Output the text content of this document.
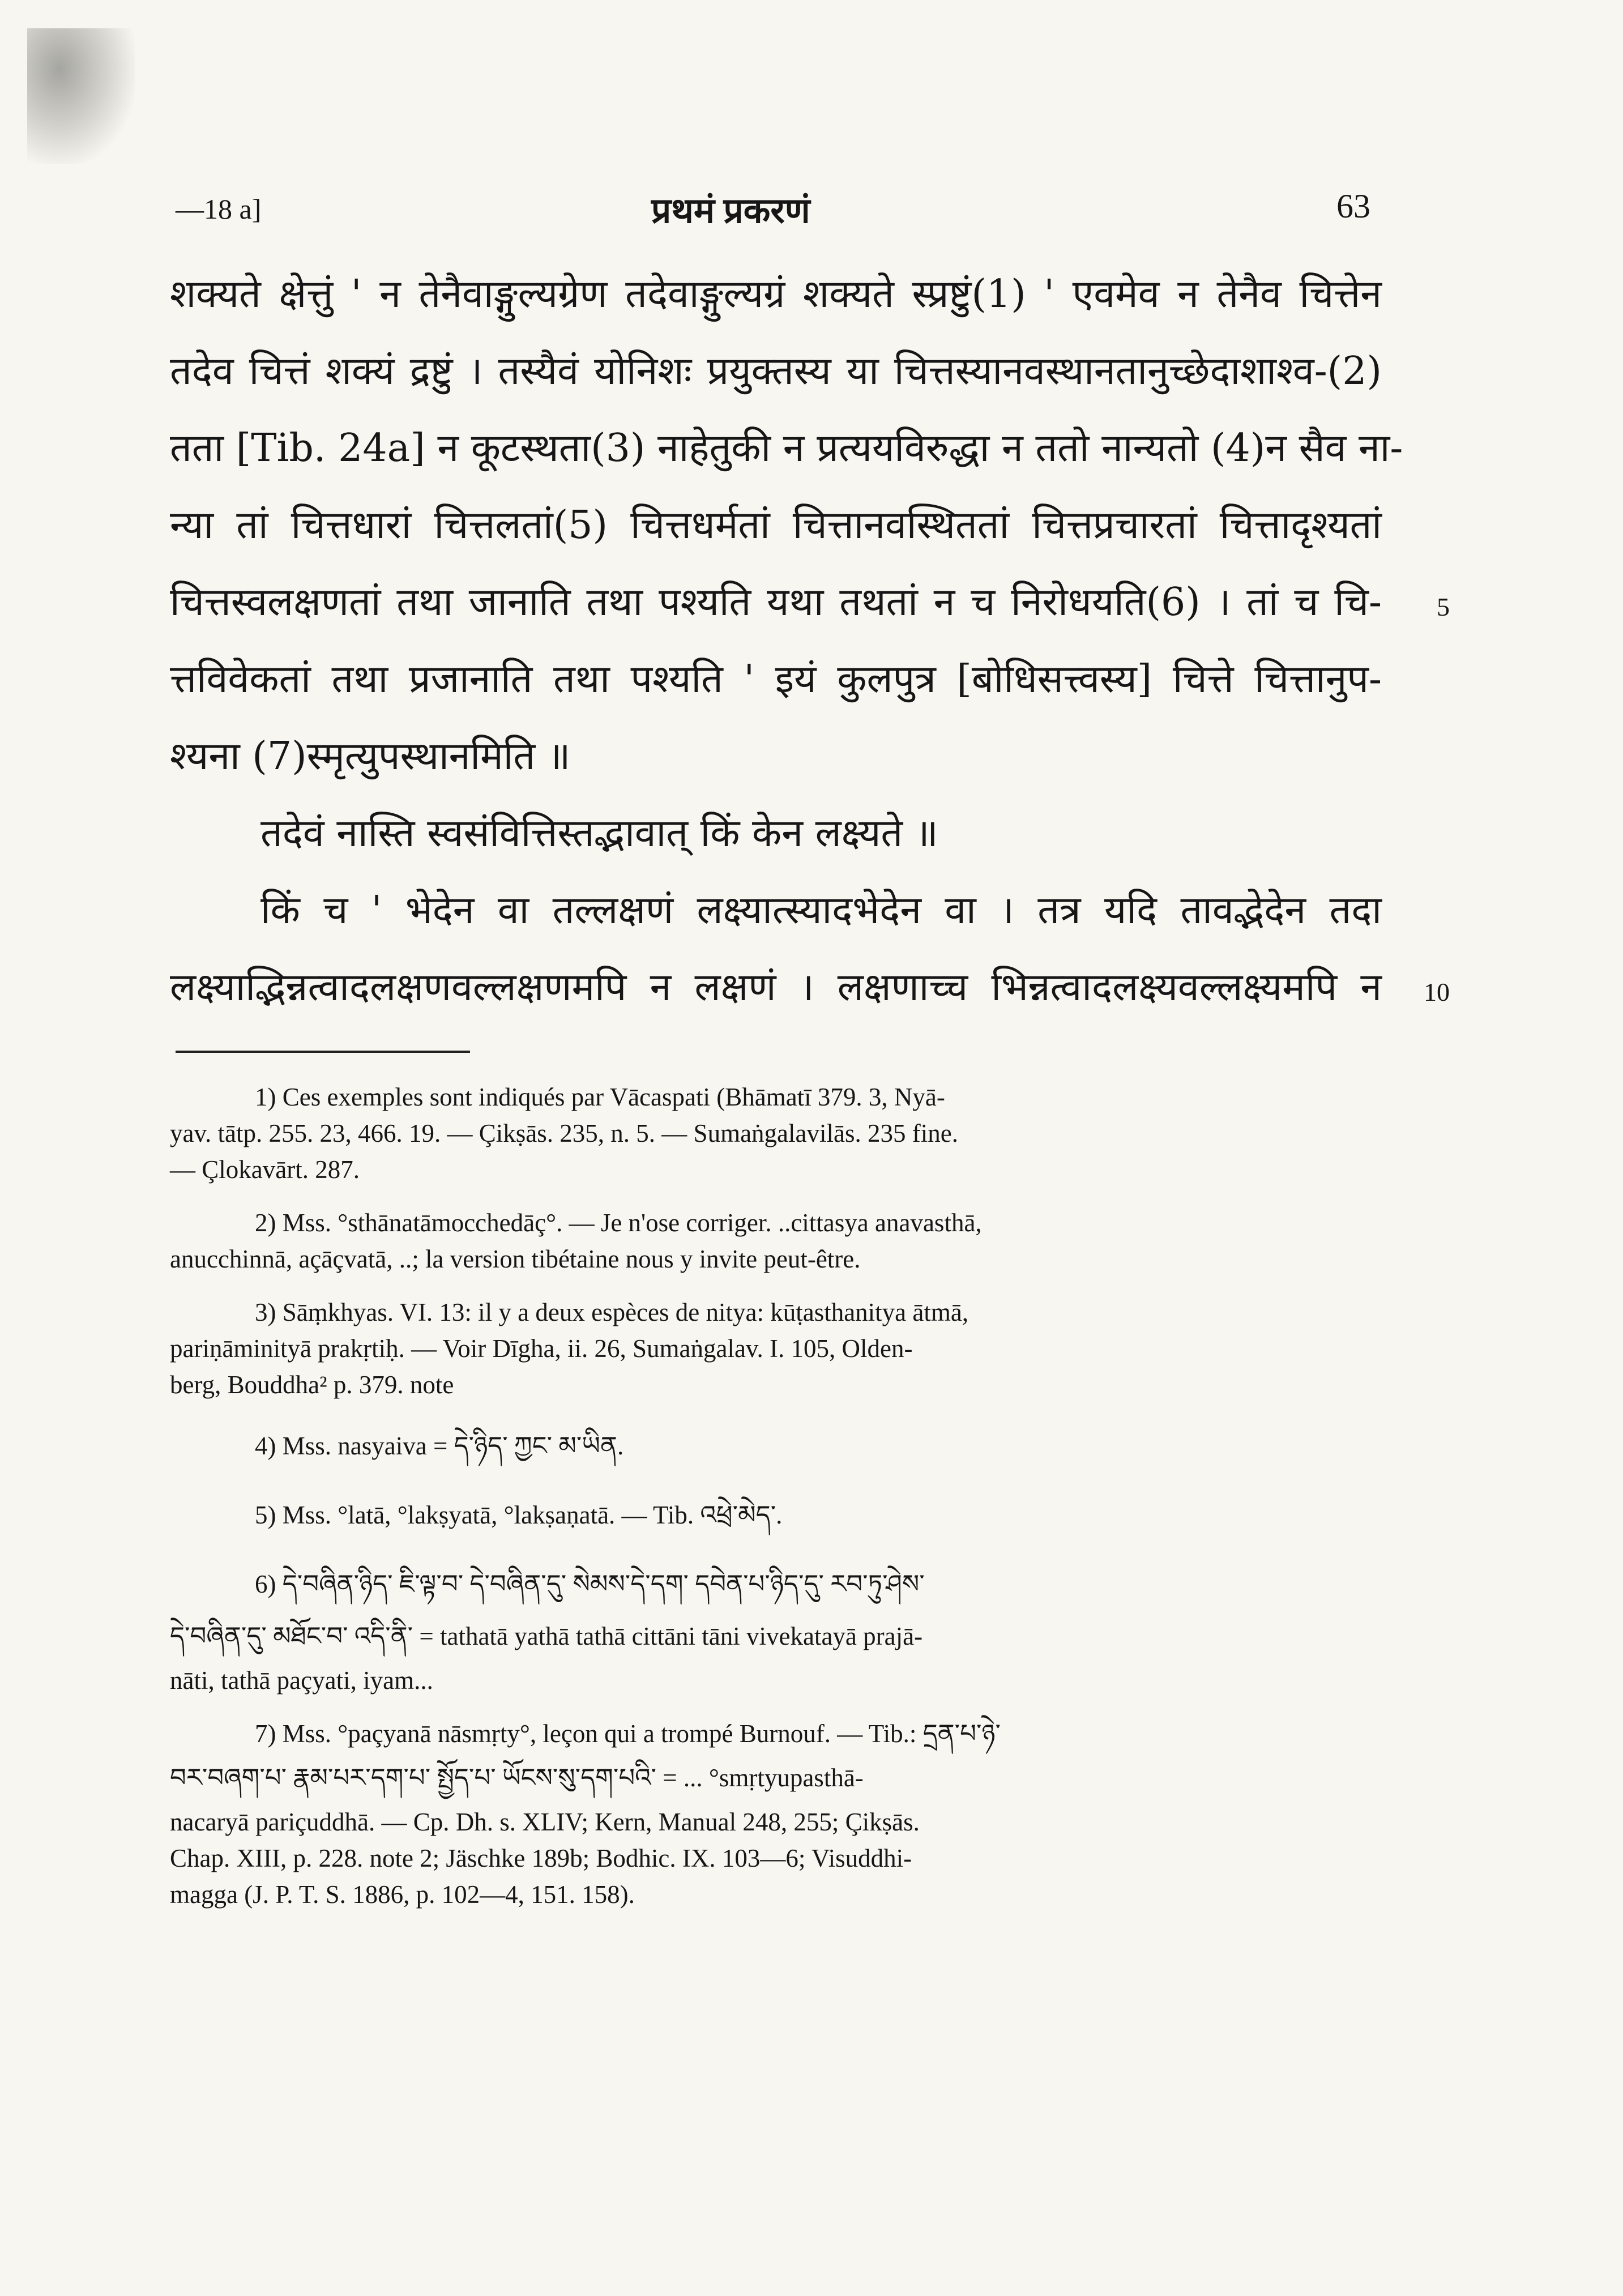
—18 a]	प्रथमं प्रकरणं	63
शक्यते क्षेत्तुं ' न तेनैवाङ्गुल्यग्रेण तदेवाङ्गुल्यग्रं शक्यते स्प्रष्टुं(1) ' एवमेव न तेनैव चित्तेन
तदेव चित्तं शक्यं द्रष्टुं । तस्यैवं योनिशः प्रयुक्तस्य या चित्तस्यानवस्थानतानुच्छेदाशाश्व-(2)
तता [Tib. 24a] न कूटस्थता(3) नाहेतुकी न प्रत्ययविरुद्धा न ततो नान्यतो (4)न सैव ना-
न्या तां चित्तधारां चित्तलतां(5) चित्तधर्मतां चित्तानवस्थिततां चित्तप्रचारतां चित्तादृश्यतां
चित्तस्वलक्षणतां तथा जानाति तथा पश्यति यथा तथतां न च निरोधयति(6) । तां च चि- 5
त्तविवेकतां तथा प्रजानाति तथा पश्यति ' इयं कुलपुत्र [बोधिसत्त्वस्य] चित्ते चित्तानुप-
श्यना (7)स्मृत्युपस्थानमिति ॥
तदेवं नास्ति स्वसंवित्तिस्तद्भावात् किं केन लक्ष्यते ॥
किं च ' भेदेन वा तल्लक्षणं लक्ष्यात्स्यादभेदेन वा । तत्र यदि तावद्भेदेन तदा
लक्ष्याद्भिन्नत्वादलक्षणवल्लक्षणमपि न लक्षणं । लक्षणाच्च भिन्नत्वादलक्ष्यवल्लक्ष्यमपि न 10

1) Ces exemples sont indiqués par Vācaspati (Bhāmatī 379. 3, Nyā-

yav. tātp. 255. 23, 466. 19. — Çikṣās. 235, n. 5. — Sumaṅgalavilās. 235 fine.

— Çlokavārt. 287.

2) Mss. °sthānatāmocchedāç°. — Je n'ose corriger. ..cittasya anavasthā,

anucchinnā, açāçvatā, ..; la version tibétaine nous y invite peut-être.

3) Sāṃkhyas. VI. 13: il y a deux espèces de nitya: kūṭasthanitya ātmā,

pariṇāminityā prakṛtiḥ. — Voir Dīgha, ii. 26, Sumaṅgalav. I. 105, Olden-

berg, Bouddha² p. 379. note

4) Mss. nasyaiva = དེ་ཉིད་ ཀྱང་ མ་ཡིན.

5) Mss. °latā, °lakṣyatā, °lakṣaṇatā. — Tib. འཕྲེ་མེད་.

6) དེ་བཞིན་ཉིད་ ཇི་ལྟ་བ་ དེ་བཞིན་དུ་ སེམས་དེ་དག་ དབེན་པ་ཉིད་དུ་ རབ་ཏུ་ཤེས་

དེ་བཞིན་དུ་ མཐོང་བ་ འདི་ནི་ = tathatā yathā tathā cittāni tāni vivekatayā prajā-

nāti, tathā paçyati, iyam...

7) Mss. °paçyanā nāsmṛty°, leçon qui a trompé Burnouf. — Tib.: དྲན་པ་ཉེ་

བར་བཞག་པ་ རྣམ་པར་དག་པ་ སྤྱོད་པ་ ཡོངས་སུ་དག་པའི་ = ... °smṛtyupasthā-

nacaryā pariçuddhā. — Cp. Dh. s. XLIV; Kern, Manual 248, 255; Çikṣās.

Chap. XIII, p. 228. note 2; Jäschke 189b; Bodhic. IX. 103—6; Visuddhi-

magga (J. P. T. S. 1886, p. 102—4, 151. 158).
